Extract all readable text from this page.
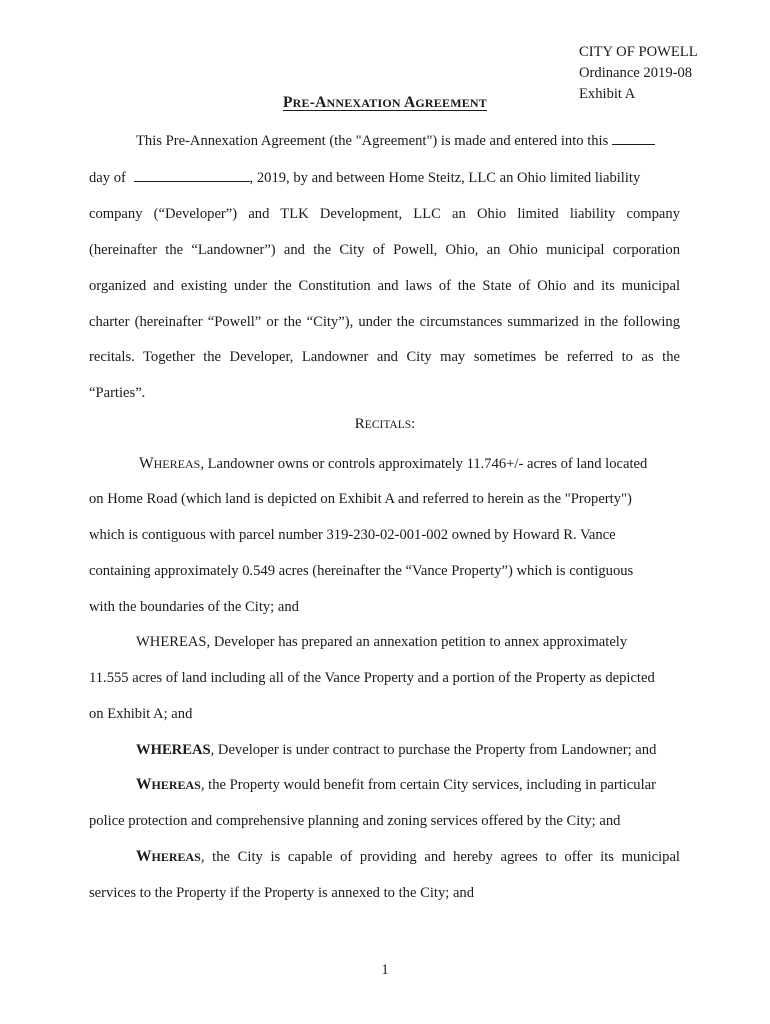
CITY OF POWELL
Ordinance 2019-08
Exhibit A
PRE-ANNEXATION AGREEMENT
This Pre-Annexation Agreement (the "Agreement") is made and entered into this
day of	, 2019, by and between Home Steitz, LLC an Ohio limited liability
company (“Developer”) and TLK Development, LLC an Ohio limited liability company
(hereinafter the “Landowner”) and the City of Powell, Ohio, an Ohio municipal corporation
organized and existing under the Constitution and laws of the State of Ohio and its municipal
charter (hereinafter “Powell” or the “City”), under the circumstances summarized in the following
recitals. Together the Developer, Landowner and City may sometimes be referred to as the
“Parties”.
RECITALS:
WHEREAS, Landowner owns or controls approximately 11.746+/- acres of land located
on Home Road (which land is depicted on Exhibit A and referred to herein as the "Property")
which is contiguous with parcel number 319-230-02-001-002 owned by Howard R. Vance
containing approximately 0.549 acres (hereinafter the “Vance Property”) which is contiguous
with the boundaries of the City; and
WHEREAS, Developer has prepared an annexation petition to annex approximately
11.555 acres of land including all of the Vance Property and a portion of the Property as depicted
on Exhibit A; and
WHEREAS, Developer is under contract to purchase the Property from Landowner; and
WHEREAS, the Property would benefit from certain City services, including in particular
police protection and comprehensive planning and zoning services offered by the City; and
WHEREAS, the City is capable of providing and hereby agrees to offer its municipal
services to the Property if the Property is annexed to the City; and
1
